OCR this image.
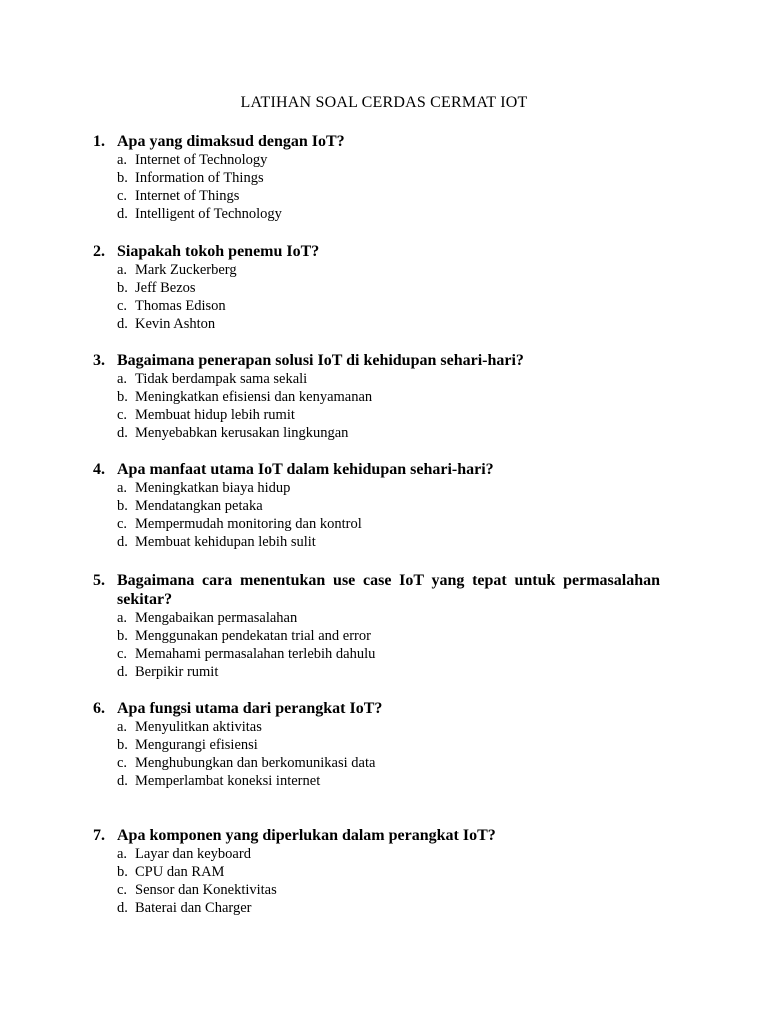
LATIHAN SOAL CERDAS CERMAT IOT
1. Apa yang dimaksud dengan IoT?
a. Internet of Technology
b. Information of Things
c. Internet of Things
d. Intelligent of Technology
2. Siapakah tokoh penemu IoT?
a. Mark Zuckerberg
b. Jeff Bezos
c. Thomas Edison
d. Kevin Ashton
3. Bagaimana penerapan solusi IoT di kehidupan sehari-hari?
a. Tidak berdampak sama sekali
b. Meningkatkan efisiensi dan kenyamanan
c. Membuat hidup lebih rumit
d. Menyebabkan kerusakan lingkungan
4. Apa manfaat utama IoT dalam kehidupan sehari-hari?
a. Meningkatkan biaya hidup
b. Mendatangkan petaka
c. Mempermudah monitoring dan kontrol
d. Membuat kehidupan lebih sulit
5. Bagaimana cara menentukan use case IoT yang tepat untuk permasalahan sekitar?
a. Mengabaikan permasalahan
b. Menggunakan pendekatan trial and error
c. Memahami permasalahan terlebih dahulu
d. Berpikir rumit
6. Apa fungsi utama dari perangkat IoT?
a. Menyulitkan aktivitas
b. Mengurangi efisiensi
c. Menghubungkan dan berkomunikasi data
d. Memperlambat koneksi internet
7. Apa komponen yang diperlukan dalam perangkat IoT?
a. Layar dan keyboard
b. CPU dan RAM
c. Sensor dan Konektivitas
d. Baterai dan Charger
